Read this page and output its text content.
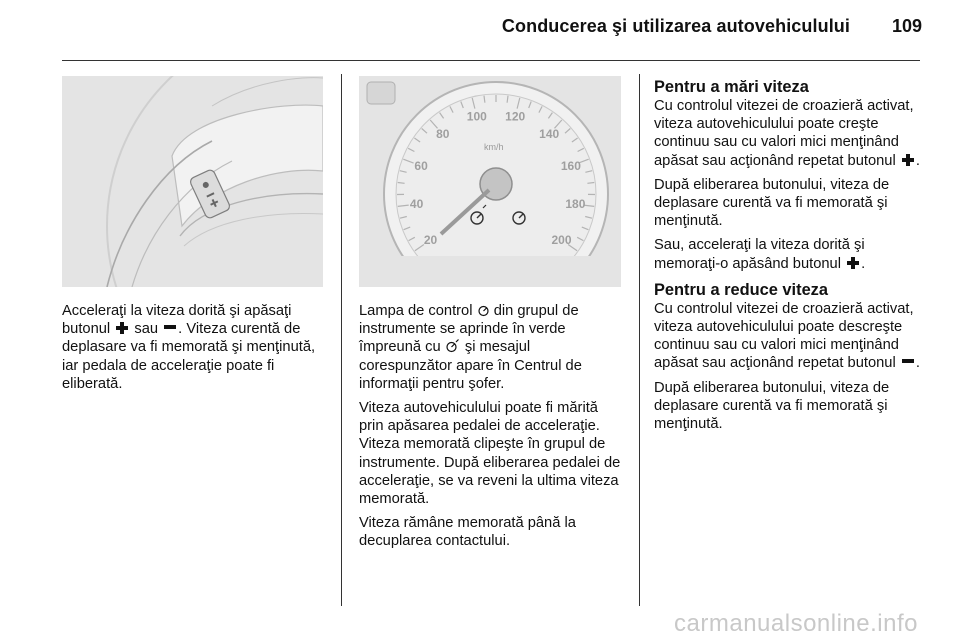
Conducerea şi utilizarea autovehiculului	109
20
40
60
80
100 120
140
160
180
200
km/h

Acceleraţi la viteza dorită şi apăsaţi butonul sau . Viteza curentă de deplasare va fi memorată şi menţinută, iar pedala de acceleraţie poate fi eliberată.

Lampa de control din grupul de instrumente se aprinde în verde împreună cu şi mesajul corespunzător apare în Centrul de informaţii pentru şofer.

Viteza autovehiculului poate fi mărită prin apăsarea pedalei de acceleraţie. Viteza memorată clipeşte în grupul de instrumente. După eliberarea pedalei de acceleraţie, se va reveni la ultima viteza memorată.

Viteza rămâne memorată până la decuplarea contactului.

Pentru a mări viteza

Cu controlul vitezei de croazieră activat, viteza autovehiculului poate creşte continuu sau cu valori mici menţinând apăsat sau acţionând repetat butonul .

După eliberarea butonului, viteza de deplasare curentă va fi memorată şi menţinută.

Sau, acceleraţi la viteza dorită şi memoraţi-o apăsând butonul .

Pentru a reduce viteza

Cu controlul vitezei de croazieră activat, viteza autovehiculului poate descreşte continuu sau cu valori mici menţinând apăsat sau acţionând repetat butonul .

După eliberarea butonului, viteza de deplasare curentă va fi memorată şi menţinută.

carmanualsonline.info
